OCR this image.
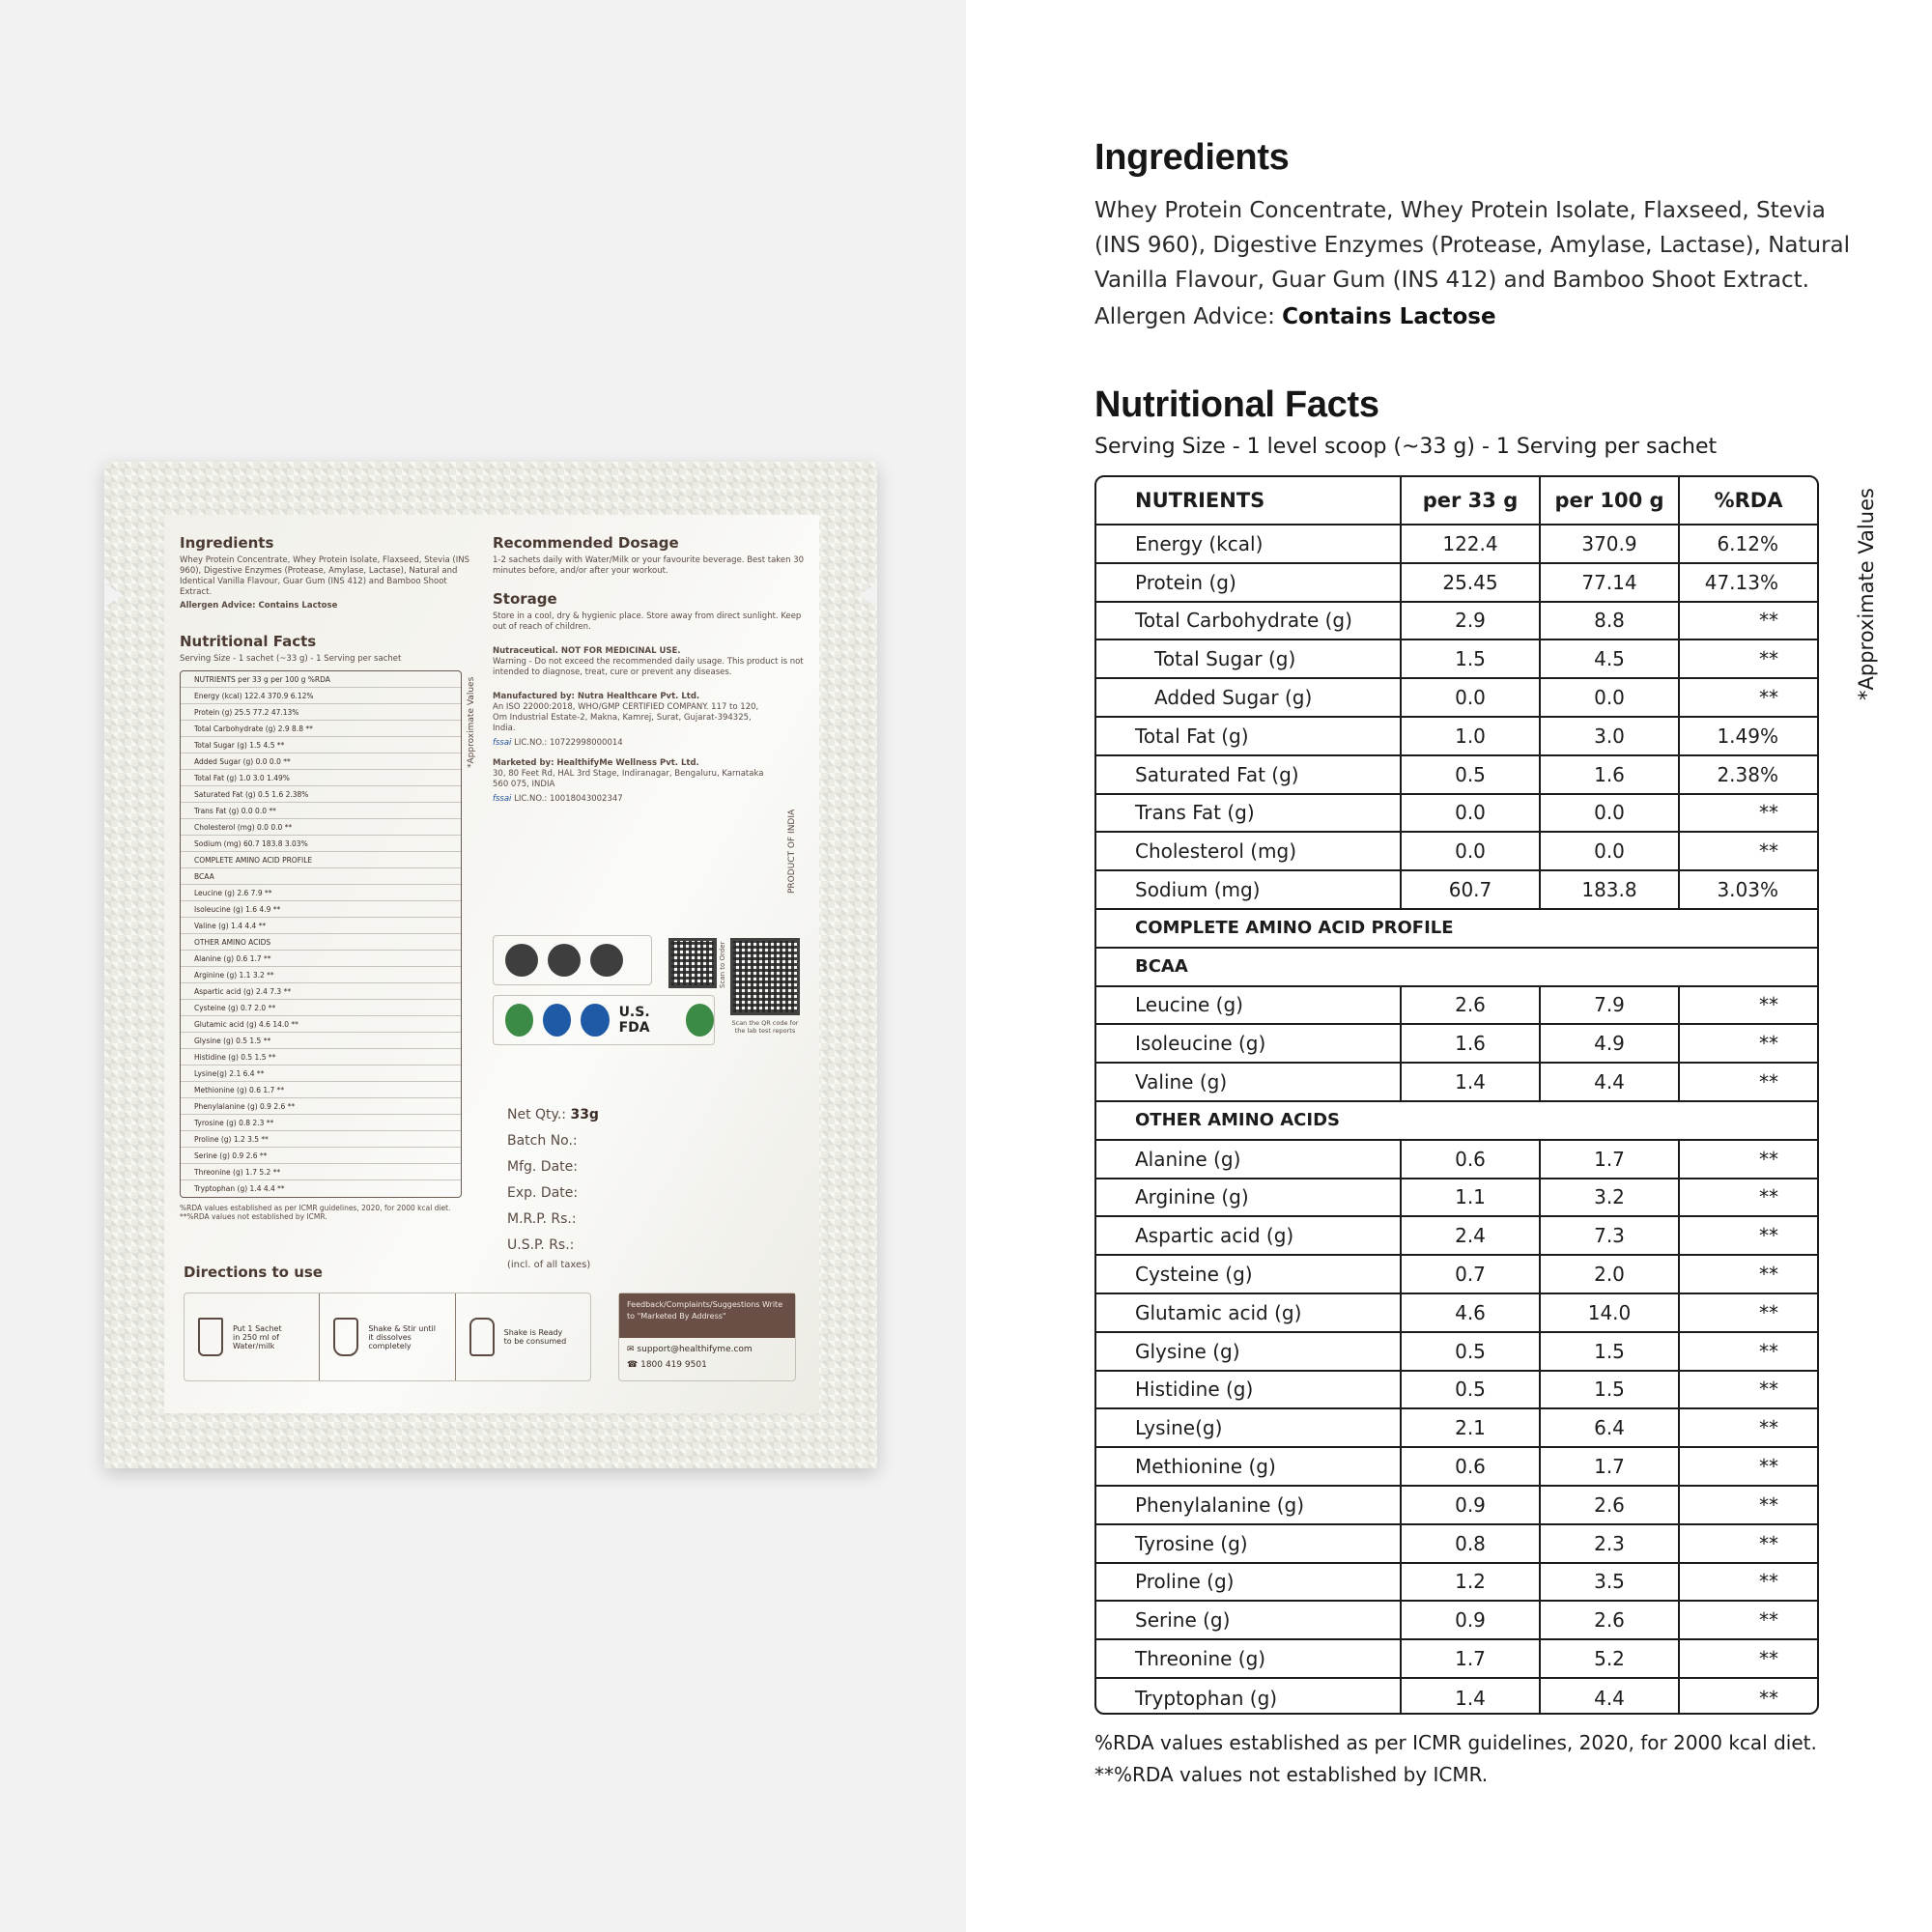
Ingredients
Whey Protein Concentrate, Whey Protein Isolate, Flaxseed, Stevia (INS 960), Digestive Enzymes (Protease, Amylase, Lactase), Natural and Identical Vanilla Flavour, Guar Gum (INS 412) and Bamboo Shoot Extract.
Allergen Advice: Contains Lactose
Nutritional Facts
Serving Size - 1 sachet (~33 g) - 1 Serving per sachet
NUTRIENTS per 33 g per 100 g %RDA
Energy (kcal) 122.4 370.9 6.12%
Protein (g) 25.5 77.2 47.13%
Total Carbohydrate (g) 2.9 8.8 **
Total Sugar (g) 1.5 4.5 **
Added Sugar (g) 0.0 0.0 **
Total Fat (g) 1.0 3.0 1.49%
Saturated Fat (g) 0.5 1.6 2.38%
Trans Fat (g) 0.0 0.0 **
Cholesterol (mg) 0.0 0.0 **
Sodium (mg) 60.7 183.8 3.03%
COMPLETE AMINO ACID PROFILE
BCAA
Leucine (g) 2.6 7.9 **
Isoleucine (g) 1.6 4.9 **
Valine (g) 1.4 4.4 **
OTHER AMINO ACIDS
Alanine (g) 0.6 1.7 **
Arginine (g) 1.1 3.2 **
Aspartic acid (g) 2.4 7.3 **
Cysteine (g) 0.7 2.0 **
Glutamic acid (g) 4.6 14.0 **
Glysine (g) 0.5 1.5 **
Histidine (g) 0.5 1.5 **
Lysine(g) 2.1 6.4 **
Methionine (g) 0.6 1.7 **
Phenylalanine (g) 0.9 2.6 **
Tyrosine (g) 0.8 2.3 **
Proline (g) 1.2 3.5 **
Serine (g) 0.9 2.6 **
Threonine (g) 1.7 5.2 **
Tryptophan (g) 1.4 4.4 **
%RDA values established as per ICMR guidelines, 2020, for 2000 kcal diet.
**%RDA values not established by ICMR.
*Approximate Values
Recommended Dosage
1-2 sachets daily with Water/Milk or your favourite beverage. Best taken 30 minutes before, and/or after your workout.
Storage
Store in a cool, dry & hygienic place. Store away from direct sunlight. Keep out of reach of children.
Nutraceutical. NOT FOR MEDICINAL USE.
Warning - Do not exceed the recommended daily usage. This product is not intended to diagnose, treat, cure or prevent any diseases.
Manufactured by: Nutra Healthcare Pvt. Ltd.
An ISO 22000:2018, WHO/GMP CERTIFIED COMPANY. 117 to 120, Om Industrial Estate-2, Makna, Kamrej, Surat, Gujarat-394325, India.
fssai LIC.NO.: 10722998000014
Marketed by: HealthifyMe Wellness Pvt. Ltd.
30, 80 Feet Rd, HAL 3rd Stage, Indiranagar, Bengaluru, Karnataka 560 075, INDIA
fssai LIC.NO.: 10018043002347
PRODUCT OF INDIA
Scan to Order
Scan the QR code for the lab test reports
U.S. FDA
Net Qty.: 33g
Batch No.:
Mfg. Date:
Exp. Date:
M.R.P. Rs.:
U.S.P. Rs.:
(incl. of all taxes)
Directions to use
Put 1 Sachet in 250 ml of Water/milk
Shake & Stir until it dissolves completely
Shake is Ready to be consumed
Feedback/Complaints/Suggestions Write to "Marketed By Address"
✉ support@healthifyme.com
☎ 1800 419 9501
Ingredients
Whey Protein Concentrate, Whey Protein Isolate, Flaxseed, Stevia (INS 960), Digestive Enzymes (Protease, Amylase, Lactase), Natural Vanilla Flavour, Guar Gum (INS 412) and Bamboo Shoot Extract.
Allergen Advice: Contains Lactose
Nutritional Facts
Serving Size - 1 level scoop (~33 g) - 1 Serving per sachet
NUTRIENTS	per 33 g	per 100 g	%RDA
Energy (kcal)	122.4	370.9	6.12%
Protein (g)	25.45	77.14	47.13%
Total Carbohydrate (g)	2.9	8.8	**
Total Sugar (g)	1.5	4.5	**
Added Sugar (g)	0.0	0.0	**
Total Fat (g)	1.0	3.0	1.49%
Saturated Fat (g)	0.5	1.6	2.38%
Trans Fat (g)	0.0	0.0	**
Cholesterol (mg)	0.0	0.0	**
Sodium (mg)	60.7	183.8	3.03%
COMPLETE AMINO ACID PROFILE
BCAA
Leucine (g)	2.6	7.9	**
Isoleucine (g)	1.6	4.9	**
Valine (g)	1.4	4.4	**
OTHER AMINO ACIDS
Alanine (g)	0.6	1.7	**
Arginine (g)	1.1	3.2	**
Aspartic acid (g)	2.4	7.3	**
Cysteine (g)	0.7	2.0	**
Glutamic acid (g)	4.6	14.0	**
Glysine (g)	0.5	1.5	**
Histidine (g)	0.5	1.5	**
Lysine(g)	2.1	6.4	**
Methionine (g)	0.6	1.7	**
Phenylalanine (g)	0.9	2.6	**
Tyrosine (g)	0.8	2.3	**
Proline (g)	1.2	3.5	**
Serine (g)	0.9	2.6	**
Threonine (g)	1.7	5.2	**
Tryptophan (g)	1.4	4.4	**
%RDA values established as per ICMR guidelines, 2020, for 2000 kcal diet.
**%RDA values not established by ICMR.
*Approximate Values
